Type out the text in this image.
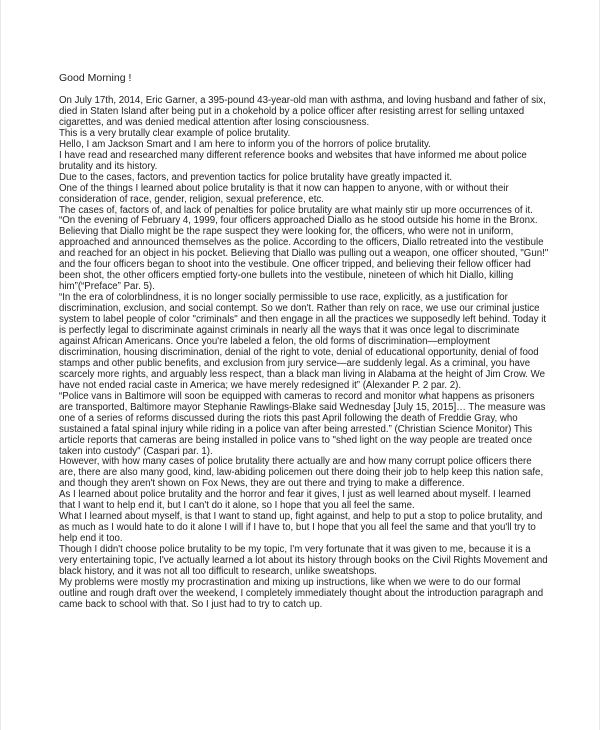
Good Morning !

On July 17th, 2014, Eric Garner, a 395-pound 43-year-old man with asthma, and loving husband and father of six, died in Staten Island after being put in a chokehold by a police officer after resisting arrest for selling untaxed cigarettes, and was denied medical attention after losing consciousness.

This is a very brutally clear example of police brutality.

Hello, I am Jackson Smart and I am here to inform you of the horrors of police brutality.

I have read and researched many different reference books and websites that have informed me about police brutality and its history.

Due to the cases, factors, and prevention tactics for police brutality have greatly impacted it.

One of the things I learned about police brutality is that it now can happen to anyone, with or without their consideration of race, gender, religion, sexual preference, etc.

The cases of, factors of, and lack of penalties for police brutality are what mainly stir up more occurrences of it.

“On the evening of February 4, 1999, four officers approached Diallo as he stood outside his home in the Bronx. Believing that Diallo might be the rape suspect they were looking for, the officers, who were not in uniform, approached and announced themselves as the police. According to the officers, Diallo retreated into the vestibule and reached for an object in his pocket. Believing that Diallo was pulling out a weapon, one officer shouted, "Gun!" and the four officers began to shoot into the vestibule. One officer tripped, and believing their fellow officer had been shot, the other officers emptied forty-one bullets into the vestibule, nineteen of which hit Diallo, killing him”(“Preface” Par. 5).

“In the era of colorblindness, it is no longer socially permissible to use race, explicitly, as a justification for discrimination, exclusion, and social contempt. So we don't. Rather than rely on race, we use our criminal justice system to label people of color "criminals" and then engage in all the practices we supposedly left behind. Today it is perfectly legal to discriminate against criminals in nearly all the ways that it was once legal to discriminate against African Americans. Once you're labeled a felon, the old forms of discrimination—employment discrimination, housing discrimination, denial of the right to vote, denial of educational opportunity, denial of food stamps and other public benefits, and exclusion from jury service—are suddenly legal. As a criminal, you have scarcely more rights, and arguably less respect, than a black man living in Alabama at the height of Jim Crow. We have not ended racial caste in America; we have merely redesigned it” (Alexander P. 2 par. 2).

“Police vans in Baltimore will soon be equipped with cameras to record and monitor what happens as prisoners are transported, Baltimore mayor Stephanie Rawlings-Blake said Wednesday [July 15, 2015]… The measure was one of a series of reforms discussed during the riots this past April following the death of Freddie Gray, who sustained a fatal spinal injury while riding in a police van after being arrested.” (Christian Science Monitor) This article reports that cameras are being installed in police vans to "shed light on the way people are treated once taken into custody" (Caspari par. 1).

However, with how many cases of police brutality there actually are and how many corrupt police officers there are, there are also many good, kind, law-abiding policemen out there doing their job to help keep this nation safe, and though they aren't shown on Fox News, they are out there and trying to make a difference.

As I learned about police brutality and the horror and fear it gives, I just as well learned about myself. I learned that I want to help end it, but I can't do it alone, so I hope that you all feel the same.

What I learned about myself, is that I want to stand up, fight against, and help to put a stop to police brutality, and as much as I would hate to do it alone I will if I have to, but I hope that you all feel the same and that you'll try to help end it too.

Though I didn't choose police brutality to be my topic, I'm very fortunate that it was given to me, because it is a very entertaining topic, I've actually learned a lot about its history through books on the Civil Rights Movement and black history, and it was not all too difficult to research, unlike sweatshops.

My problems were mostly my procrastination and mixing up instructions, like when we were to do our formal outline and rough draft over the weekend, I completely immediately thought about the introduction paragraph and came back to school with that. So I just had to try to catch up.
